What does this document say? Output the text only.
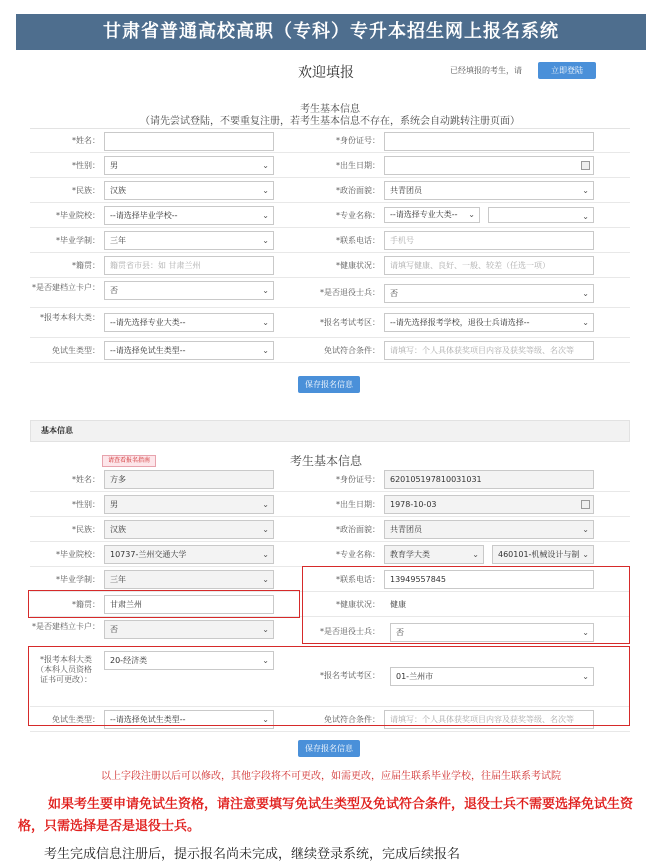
甘肃省普通高校高职（专科）专升本招生网上报名系统
欢迎填报	已经填报的考生，请	立即登陆
考生基本信息
（请先尝试登陆，不要重复注册，若考生基本信息不存在，系统会自动跳转注册页面）
*姓名：	*身份证号：
*性别：	男	⌄	*出生日期：
*民族：	汉族	⌄	*政治面貌：	共青团员	⌄
*毕业院校：	--请选择毕业学校--	⌄	*专业名称：	--请选择专业大类-- ⌄	⌄
*毕业学制：	三年	⌄	*联系电话：	手机号
*籍贯：	籍贯省市县：如 甘肃兰州	*健康状况：	请填写健康、良好、一般、较差（任选一项）
*是否建档立卡户：	否	⌄	*是否退役士兵：	否	⌄
*报考本科大类：
--请先选择专业大类--	⌄	*报名考试考区：	--请先选择报考学校，退役士兵请选择--	⌄
免试生类型：	--请选择免试生类型--	⌄	免试符合条件：	请填写：个人具体获奖项目内容及获奖等级、名次等
保存报名信息
基本信息
请查看报名指南	考生基本信息
*姓名：	方多	*身份证号：	620105197810031031
*性别：	男	⌄	*出生日期：	1978-10-03
*民族：	汉族	⌄	*政治面貌：	共青团员	⌄
*毕业院校：	10737-兰州交通大学	⌄	*专业名称：	教育学大类	⌄	460101-机械设计与制 ⌄
*毕业学制：	三年	⌄	*联系电话：	13949557845
*籍贯：	甘肃兰州	*健康状况：	健康
*是否建档立卡户：	否	⌄	*是否退役士兵：	否	⌄
*报考本科大类（本科人员资格证书可更改）：
20-经济类	⌄
*报名考试考区：	01-兰州市	⌄
免试生类型：	--请选择免试生类型--	⌄	免试符合条件：	请填写：个人具体获奖项目内容及获奖等级、名次等
保存报名信息
以上字段注册以后可以修改，其他字段将不可更改，如需更改，应届生联系毕业学校，往届生联系考试院
如果考生要申请免试生资格，请注意要填写免试生类型及免试符合条件，退役士兵不需要选择免试生资格，只需选择是否是退役士兵。
考生完成信息注册后，提示报名尚未完成，继续登录系统，完成后续报名
